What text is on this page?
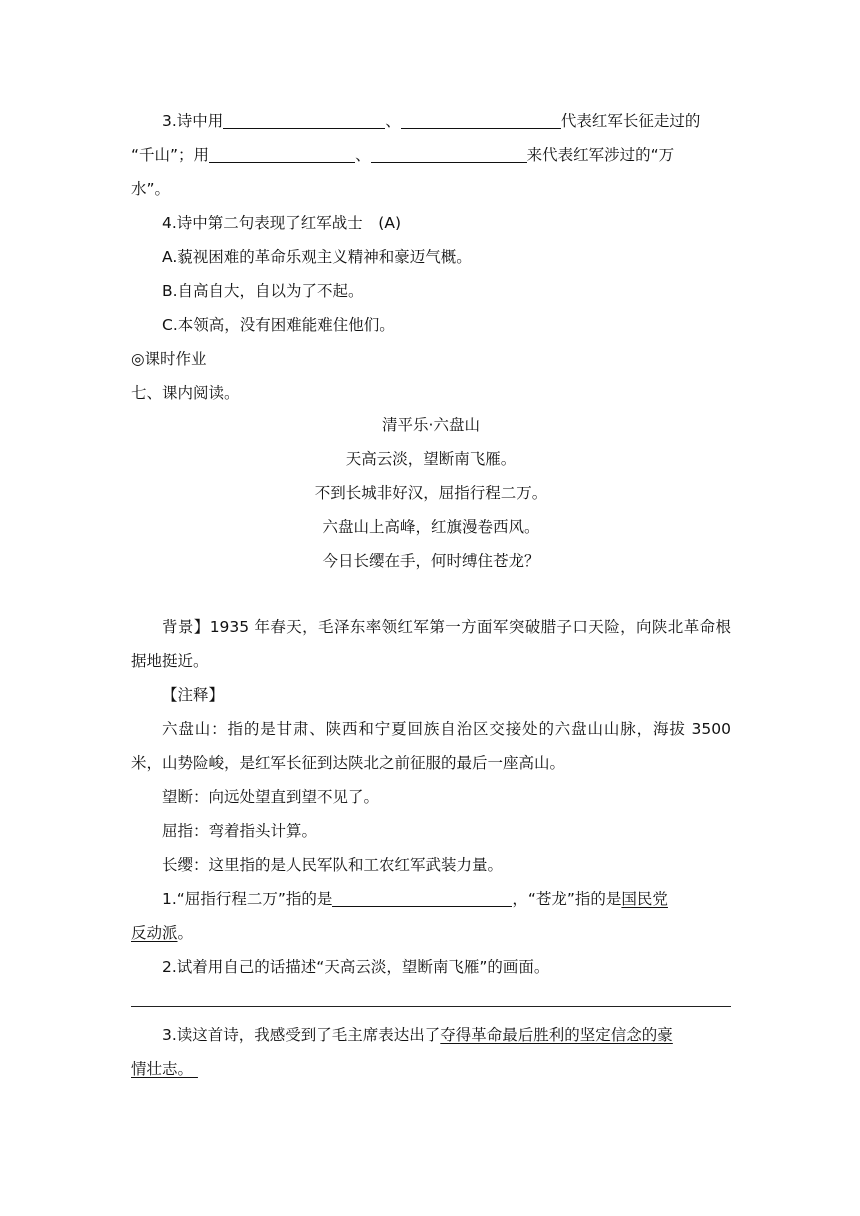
3.诗中用	、	代表红军长征走过的
“千山”；用	、	来代表红军涉过的“万
水”。
4.诗中第二句表现了红军战士　(A)
A.藐视困难的革命乐观主义精神和豪迈气概。
B.自高自大，自以为了不起。
C.本领高，没有困难能难住他们。
◎课时作业
七、课内阅读。
清平乐·六盘山
天高云淡，望断南飞雁。
不到长城非好汉，屈指行程二万。
六盘山上高峰，红旗漫卷西风。
今日长缨在手，何时缚住苍龙？

背景】1935 年春天，毛泽东率领红军第一方面军突破腊子口天险，向陕北革命根据地挺近。

【注释】

六盘山：指的是甘肃、陕西和宁夏回族自治区交接处的六盘山山脉，海拔 3500 米，山势险峻，是红军长征到达陕北之前征服的最后一座高山。

望断：向远处望直到望不见了。
屈指：弯着指头计算。
长缨：这里指的是人民军队和工农红军武装力量。
1.“屈指行程二万”指的是	，“苍龙”指的是国民党
反动派。
2.试着用自己的话描述“天高云淡，望断南飞雁”的画面。
3.读这首诗，我感受到了毛主席表达出了夺得革命最后胜利的坚定信念的豪
情壮志。
